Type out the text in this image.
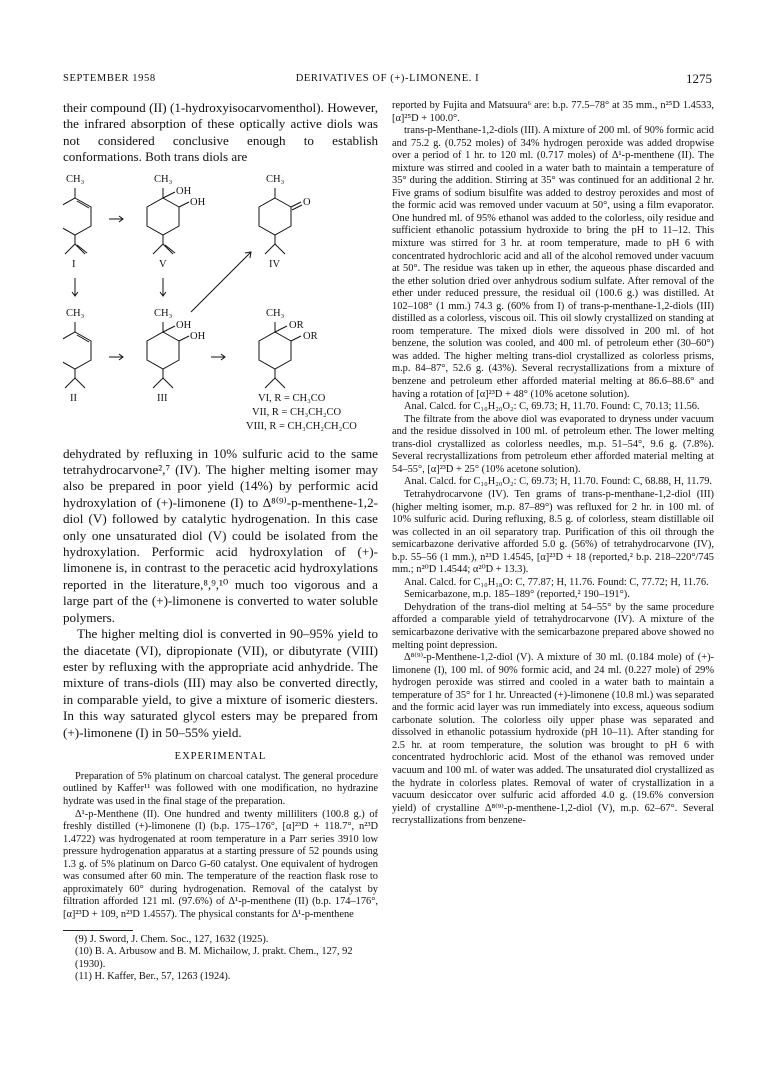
SEPTEMBER 1958	DERIVATIVES OF (+)-LIMONENE. I	1275

their compound (II) (1-hydroxyisocarvomenthol). However, the infrared absorption of these optically active diols was not considered conclusive enough to establish conformations. Both trans diols are

CH₃	CH₃	CH₃
OH
OH	O
I	V	IV
CH₃	CH₃	CH₃
OH
OH
OR
OR
II	III	VI, R = CH₃CO
VII, R = CH₃CH₂CO
VIII, R = CH₃CH₂CH₂CO

dehydrated by refluxing in 10% sulfuric acid to the same tetrahydrocarvone²,⁷ (IV). The higher melting isomer may also be prepared in poor yield (14%) by performic acid hydroxylation of (+)-limonene (I) to Δ⁸⁽⁹⁾-p-menthene-1,2-diol (V) followed by catalytic hydrogenation. In this case only one unsaturated diol (V) could be isolated from the hydroxylation. Performic acid hydroxylation of (+)-limonene is, in contrast to the peracetic acid hydroxylations reported in the literature,⁸,⁹,¹⁰ much too vigorous and a large part of the (+)-limonene is converted to water soluble polymers.

The higher melting diol is converted in 90–95% yield to the diacetate (VI), dipropionate (VII), or dibutyrate (VIII) ester by refluxing with the appropriate acid anhydride. The mixture of trans-diols (III) may also be converted directly, in comparable yield, to give a mixture of isomeric diesters. In this way saturated glycol esters may be prepared from (+)-limonene (I) in 50–55% yield.

EXPERIMENTAL

Preparation of 5% platinum on charcoal catalyst. The general procedure outlined by Kaffer¹¹ was followed with one modification, no hydrazine hydrate was used in the final stage of the preparation.

Δ¹-p-Menthene (II). One hundred and twenty milliliters (100.8 g.) of freshly distilled (+)-limonene (I) (b.p. 175–176°, [α]²³D + 118.7°, n²³D 1.4722) was hydrogenated at room temperature in a Parr series 3910 low pressure hydrogenation apparatus at a starting pressure of 52 pounds using 1.3 g. of 5% platinum on Darco G-60 catalyst. One equivalent of hydrogen was consumed after 60 min. The temperature of the reaction flask rose to approximately 60° during hydrogenation. Removal of the catalyst by filtration afforded 121 ml. (97.6%) of Δ¹-p-menthene (II) (b.p. 174–176°, [α]²³D + 109, n²³D 1.4557). The physical constants for Δ¹-p-menthene

(9) J. Sword, J. Chem. Soc., 127, 1632 (1925).

(10) B. A. Arbusow and B. M. Michailow, J. prakt. Chem., 127, 92 (1930).

(11) H. Kaffer, Ber., 57, 1263 (1924).

reported by Fujita and Matsuura⁶ are: b.p. 77.5–78° at 35 mm., n²⁵D 1.4533, [α]²⁵D + 100.0°.

trans-p-Menthane-1,2-diols (III). A mixture of 200 ml. of 90% formic acid and 75.2 g. (0.752 moles) of 34% hydrogen peroxide was added dropwise over a period of 1 hr. to 120 ml. (0.717 moles) of Δ¹-p-menthene (II). The mixture was stirred and cooled in a water bath to maintain a temperature of 35° during the addition. Stirring at 35° was continued for an additional 2 hr. Five grams of sodium bisulfite was added to destroy peroxides and most of the formic acid was removed under vacuum at 50°, using a film evaporator. One hundred ml. of 95% ethanol was added to the colorless, oily residue and sufficient ethanolic potassium hydroxide to bring the pH to 11–12. This mixture was stirred for 3 hr. at room temperature, made to pH 6 with concentrated hydrochloric acid and all of the alcohol removed under vacuum at 50°. The residue was taken up in ether, the aqueous phase discarded and the ether solution dried over anhydrous sodium sulfate. After removal of the ether under reduced pressure, the residual oil (100.6 g.) was distilled. At 102–108° (1 mm.) 74.3 g. (60% from I) of trans-p-menthane-1,2-diols (III) distilled as a colorless, viscous oil. This oil slowly crystallized on standing at room temperature. The mixed diols were dissolved in 200 ml. of hot benzene, the solution was cooled, and 400 ml. of petroleum ether (30–60°) was added. The higher melting trans-diol crystallized as colorless prisms, m.p. 84–87°, 52.6 g. (43%). Several recrystallizations from a mixture of benzene and petroleum ether afforded material melting at 86.6–88.6° and having a rotation of [α]²³D + 48° (10% acetone solution).

Anal. Calcd. for C₁₀H₂₀O₂: C, 69.73; H, 11.70. Found: C, 70.13; 11.56.

The filtrate from the above diol was evaporated to dryness under vacuum and the residue dissolved in 100 ml. of petroleum ether. The lower melting trans-diol crystallized as colorless needles, m.p. 51–54°, 9.6 g. (7.8%). Several recrystallizations from petroleum ether afforded material melting at 54–55°, [α]²³D + 25° (10% acetone solution).

Anal. Calcd. for C₁₀H₂₀O₂: C, 69.73; H, 11.70. Found: C, 68.88, H, 11.79.

Tetrahydrocarvone (IV). Ten grams of trans-p-menthane-1,2-diol (III) (higher melting isomer, m.p. 87–89°) was refluxed for 2 hr. in 100 ml. of 10% sulfuric acid. During refluxing, 8.5 g. of colorless, steam distillable oil was collected in an oil separatory trap. Purification of this oil through the semicarbazone derivative afforded 5.0 g. (56%) of tetrahydrocarvone (IV), b.p. 55–56 (1 mm.), n²³D 1.4545, [α]²³D + 18 (reported,² b.p. 218–220°/745 mm.; n²⁰D 1.4544; α²⁰D + 13.3).

Anal. Calcd. for C₁₀H₁₈O: C, 77.87; H, 11.76. Found: C, 77.72; H, 11.76.

Semicarbazone, m.p. 185–189° (reported,² 190–191°).

Dehydration of the trans-diol melting at 54–55° by the same procedure afforded a comparable yield of tetrahydrocarvone (IV). A mixture of the semicarbazone derivative with the semicarbazone prepared above showed no melting point depression.

Δ⁸⁽⁹⁾-p-Menthene-1,2-diol (V). A mixture of 30 ml. (0.184 mole) of (+)-limonene (I), 100 ml. of 90% formic acid, and 24 ml. (0.227 mole) of 29% hydrogen peroxide was stirred and cooled in a water bath to maintain a temperature of 35° for 1 hr. Unreacted (+)-limonene (10.8 ml.) was separated and the formic acid layer was run immediately into excess, aqueous sodium carbonate solution. The colorless oily upper phase was separated and dissolved in ethanolic potassium hydroxide (pH 10–11). After standing for 2.5 hr. at room temperature, the solution was brought to pH 6 with concentrated hydrochloric acid. Most of the ethanol was removed under vacuum and 100 ml. of water was added. The unsaturated diol crystallized as the hydrate in colorless plates. Removal of water of crystallization in a vacuum desiccator over sulfuric acid afforded 4.0 g. (19.6% conversion yield) of crystalline Δ⁸⁽⁹⁾-p-menthene-1,2-diol (V), m.p. 62–67°. Several recrystallizations from benzene-
